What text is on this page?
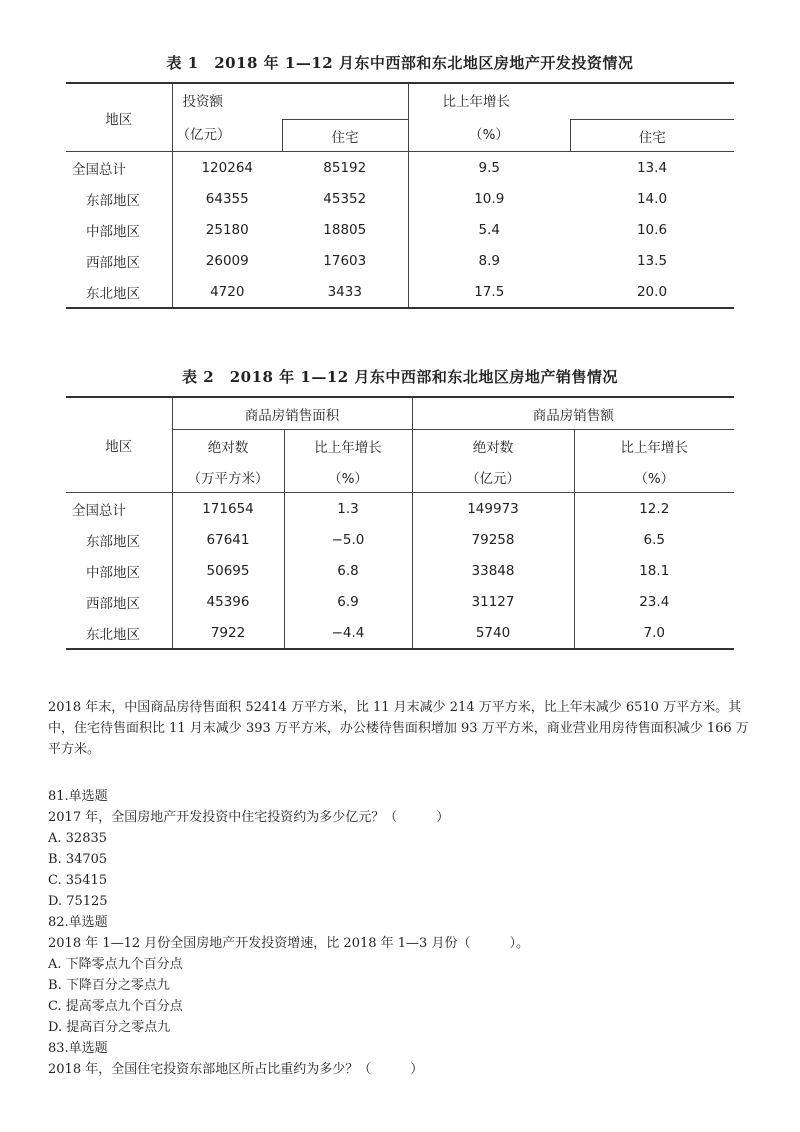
表 1　2018 年 1—12 月东中西部和东北地区房地产开发投资情况
地区	投资额		比上年增长	
	（亿元）		（%）	
		住宅		住宅
全国总计	120264	85192	9.5	13.4
东部地区	64355	45352	10.9	14.0
中部地区	25180	18805	5.4	10.6
西部地区	26009	17603	8.9	13.5
东北地区	4720	3433	17.5	20.0
表 2　2018 年 1—12 月东中西部和东北地区房地产销售情况
地区	商品房销售面积		商品房销售额	
	绝对数	比上年增长	绝对数	比上年增长
	（万平方米）	（%）	（亿元）	（%）
全国总计	171654	1.3	149973	12.2
东部地区	67641	−5.0	79258	6.5
中部地区	50695	6.8	33848	18.1
西部地区	45396	6.9	31127	23.4
东北地区	7922	−4.4	5740	7.0

2018 年末，中国商品房待售面积 52414 万平方米，比 11 月末减少 214 万平方米，比上年末减少 6510 万平方米。其中，住宅待售面积比 11 月末减少 393 万平方米，办公楼待售面积增加 93 万平方米，商业营业用房待售面积减少 166 万平方米。

81.单选题

2017 年，全国房地产开发投资中住宅投资约为多少亿元？（　　　）

A. 32835

B. 34705

C. 35415

D. 75125

82.单选题

2018 年 1—12 月份全国房地产开发投资增速，比 2018 年 1—3 月份（　　　）。

A. 下降零点九个百分点

B. 下降百分之零点九

C. 提高零点九个百分点

D. 提高百分之零点九

83.单选题

2018 年，全国住宅投资东部地区所占比重约为多少？（　　　）
